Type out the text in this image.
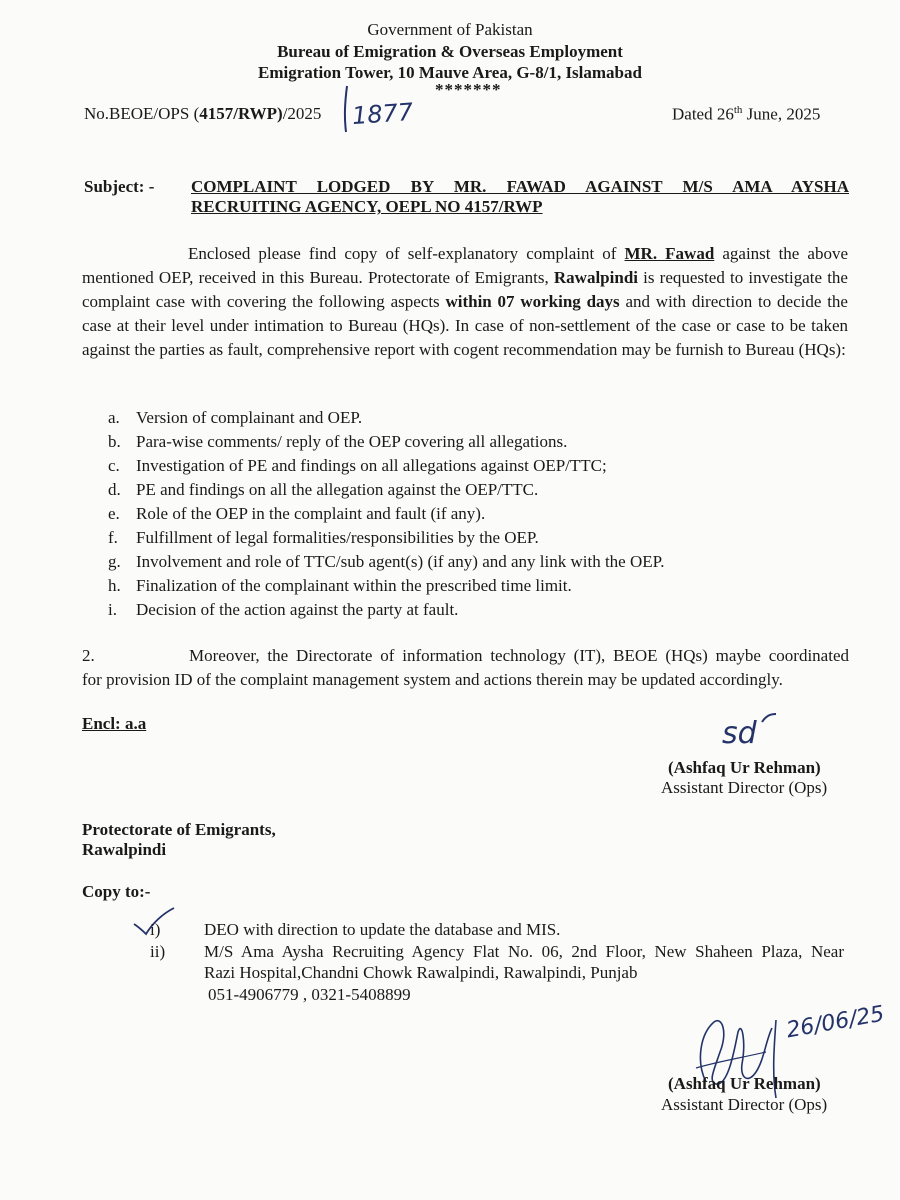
Government of Pakistan
Bureau of Emigration & Overseas Employment
Emigration Tower, 10 Mauve Area, G-8/1, Islamabad
*******
No.BEOE/OPS (4157/RWP)/2025 1877	Dated 26th June, 2025
Subject: - COMPLAINT LODGED BY MR. FAWAD AGAINST M/S AMA AYSHA
RECRUITING AGENCY, OEPL NO 4157/RWP
Enclosed please find copy of self-explanatory complaint of MR. Fawad against the above mentioned OEP, received in this Bureau. Protectorate of Emigrants, Rawalpindi is requested to investigate the complaint case with covering the following aspects within 07 working days and with direction to decide the case at their level under intimation to Bureau (HQs). In case of non-settlement of the case or case to be taken against the parties as fault, comprehensive report with cogent recommendation may be furnish to Bureau (HQs):
a. Version of complainant and OEP.
b. Para-wise comments/ reply of the OEP covering all allegations.
c. Investigation of PE and findings on all allegations against OEP/TTC;
d. PE and findings on all the allegation against the OEP/TTC.
e. Role of the OEP in the complaint and fault (if any).
f. Fulfillment of legal formalities/responsibilities by the OEP.
g. Involvement and role of TTC/sub agent(s) (if any) and any link with the OEP.
h. Finalization of the complainant within the prescribed time limit.
i. Decision of the action against the party at fault.
2.	Moreover, the Directorate of information technology (IT), BEOE (HQs) maybe coordinated
for provision ID of the complaint management system and actions therein may be updated accordingly.
Encl: a.a	sd
(Ashfaq Ur Rehman)
Assistant Director (Ops)
Protectorate of Emigrants,
Rawalpindi
Copy to:-
i)	DEO with direction to update the database and MIS.
ii) M/S Ama Aysha Recruiting Agency Flat No. 06, 2nd Floor, New Shaheen Plaza, Near
Razi Hospital,Chandni Chowk Rawalpindi, Rawalpindi, Punjab
051-4906779 , 0321-5408899
26/06/25
(Ashfaq Ur Rehman)
Assistant Director (Ops)
